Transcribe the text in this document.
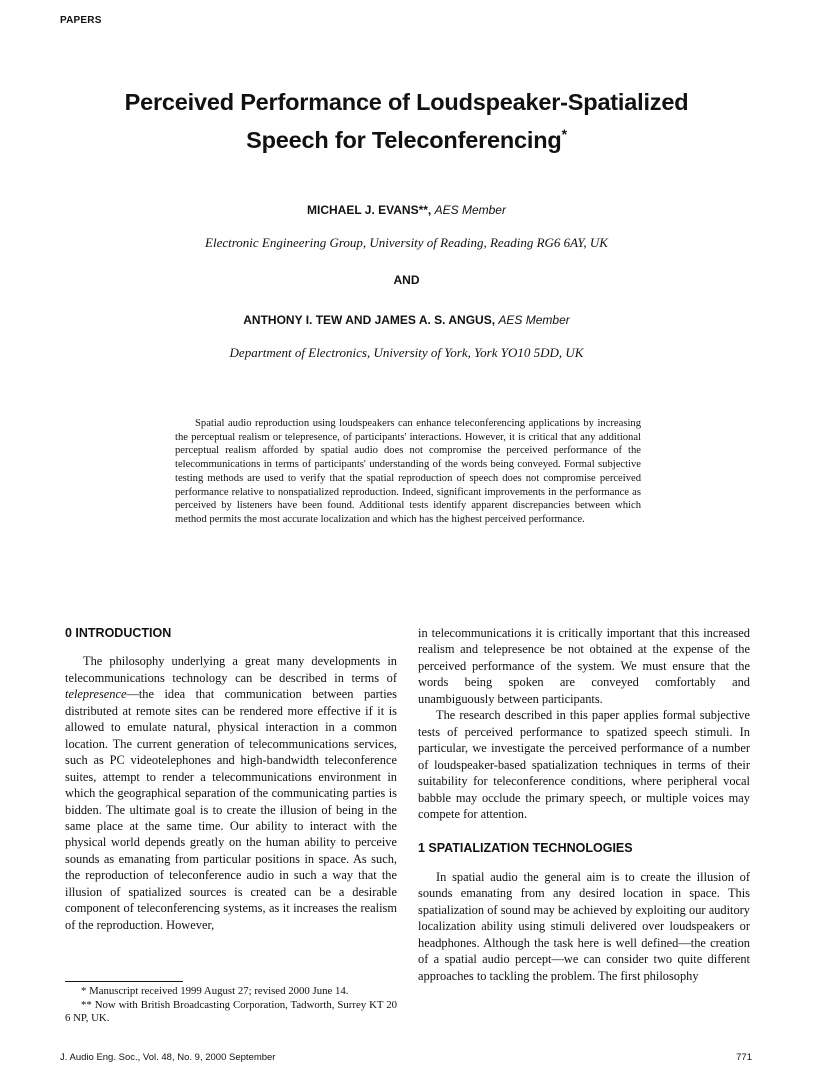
PAPERS
Perceived Performance of Loudspeaker-Spatialized
Speech for Teleconferencing*
MICHAEL J. EVANS**, AES Member
Electronic Engineering Group, University of Reading, Reading RG6 6AY, UK
AND
ANTHONY I. TEW AND JAMES A. S. ANGUS, AES Member
Department of Electronics, University of York, York YO10 5DD, UK
Spatial audio reproduction using loudspeakers can enhance teleconferencing applications by increasing the perceptual realism or telepresence, of participants' interactions. However, it is critical that any additional perceptual realism afforded by spatial audio does not compromise the perceived performance of the telecommunications in terms of participants' understanding of the words being conveyed. Formal subjective testing methods are used to verify that the spatial reproduction of speech does not compromise perceived performance relative to nonspatialized reproduction. Indeed, significant improvements in the performance as perceived by listeners have been found. Additional tests identify apparent discrepancies between which method permits the most accurate localization and which has the highest perceived performance.
0 INTRODUCTION

The philosophy underlying a great many developments in telecommunications technology can be described in terms of telepresence—the idea that communication between parties distributed at remote sites can be rendered more effective if it is allowed to emulate natural, physical interaction in a common location. The current generation of telecommunications services, such as PC videotelephones and high-bandwidth teleconference suites, attempt to render a telecommunications environment in which the geographical separation of the communicating parties is bidden. The ultimate goal is to create the illusion of being in the same place at the same time. Our ability to interact with the physical world depends greatly on the human ability to perceive sounds as emanating from particular positions in space. As such, the reproduction of teleconference audio in such a way that the illusion of spatialized sources is created can be a desirable component of teleconferencing systems, as it increases the realism of the reproduction. However,

* Manuscript received 1999 August 27; revised 2000 June 14.
** Now with British Broadcasting Corporation, Tadworth, Surrey KT 20 6 NP, UK.

in telecommunications it is critically important that this increased realism and telepresence be not obtained at the expense of the perceived performance of the system. We must ensure that the words being spoken are conveyed comfortably and unambiguously between participants.

The research described in this paper applies formal subjective tests of perceived performance to spatized speech stimuli. In particular, we investigate the perceived performance of a number of loudspeaker-based spatialization techniques in terms of their suitability for teleconference conditions, where peripheral vocal babble may occlude the primary speech, or multiple voices may compete for attention.

1 SPATIALIZATION TECHNOLOGIES

In spatial audio the general aim is to create the illusion of sounds emanating from any desired location in space. This spatialization of sound may be achieved by exploiting our auditory localization ability using stimuli delivered over loudspeakers or headphones. Although the task here is well defined—the creation of a spatial audio percept—we can consider two quite different approaches to tackling the problem. The first philosophy

J. Audio Eng. Soc., Vol. 48, No. 9, 2000 September	771
